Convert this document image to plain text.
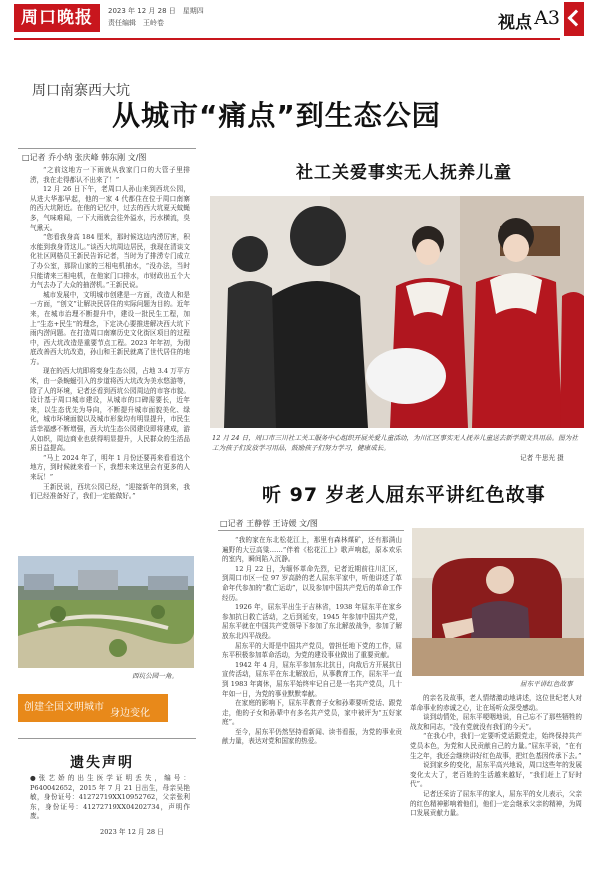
周口晚报	2023 年 12 月 28 日　星期四
责任编辑　王岭卷	视点 A3
周口南寨西大坑
从城市“痛点”到生态公园
□记者 乔小纳 张庆峰 韩东刚 文/图

“之前这地方一下雨就从我家门口的大管子里排涝，我在走得都认不出来了！”

12 月 26 日下午，老周口人孙山来到西坑公园，从进大华那早起，他的一家 4 代都住在位于周口南寨的西大坑附近。在他的记忆中，过去的西大坑夏天蚊蝇多，气味难闻，一下大雨就会往外溢水，污水横流，臭气熏天。

“您看我身高 184 厘米，那时候这边内涝厉害，积水能到我身背这儿。”谈西大坑周边居民，我现在清谈文化社区网格员王新民告诉记者，当时为了排涝专门成立了办公室，那阶山家的三相电机抽水，“没办法，当时只能请来三相电机，在他家门口排水，市财政出五个大力气去办了大众的抽涝机。”王新民说。

城市发展中，文明城市创建是一方面，改造人和是一方面，“创文”让解决民居住的实际问题为目的。近年来，在城市治理不断提升中，建设一批民生工程，加上“生态+民生”的理念，下定决心要推进解决西大坑下雨内涝问题。在打造周口南寨历史文化街区项目的过程中，西大坑改造是重要节点工程。2023 年年初，为彻底改善西大坑改造，孙山和王新民就离了世代居住的地方。

现在的西大坑即将变身生态公园，占地 3.4 万平方米，由一条蜿蜒引入的步道将西大坑改为美水悠游等，除了人的环境，记者还看到西坑公园周边的市容市貌。设计基于周口城市建设，从城市的口碑需要长，近年来，以生态优先为导向，不断提升城市面貌美化、绿化，城市环境面貌以及城市形象均有明显提升，市民生活幸福感不断增强，西大坑生态公园建设即将建成，游人如织，周边商业也获得明显提升，人民群众的生活品质日益提高。

“马上 2024 年了，明年 1 月份还要再来看看这个地方，到时候就来看一下，我想未来这里会有更多的人来玩！”

王新民说，西坑公园已经，“迎接新年的到来，我们已经准备好了，我们一定能做好。”

西坑公园一角。
创建全国文明城市
身边变化
遗失声明
●张艺娇的出生医学证明丢失，编号：P640042652，2015 年 7 月 21 日出生，母亲吴艳敏，身份证号：41272719XX10952762，父亲张利东，身份证号：41272719XX04202734，声明作废。
2023 年 12 月 28 日
社工关爱事实无人抚养儿童
12 月 24 日，周口市三川社工关工服务中心组织开展关爱儿童活动，为川汇区事实无人抚养儿童送去新学期文具用品。图为社工为孩子们发放学习用品，鼓励孩子们努力学习，健康成长。
记者 牛思光 摄
听 97 岁老人屈东平讲红色故事
□记者 王静蓉 王诗媛 文/图

“我的家在东北松花江上，那里有森林煤矿，还有那满山遍野的大豆高粱……”伴着《松花江上》歌声响起，原本欢乐的室内，瞬间陷入沉静。

12 月 22 日，为缅怀革命先烈，记者近期前往川汇区，到周口市区一位 97 岁高龄的老人屈东平家中，听他讲述了革命年代参加的“救亡运动”，以及参加中国共产党后的革命工作经历。

1926 年，屈东平出生于吉林省，1938 年屈东平在家乡参加抗日救亡活动，之后到延安，1945 年参加中国共产党，屈东平就在中国共产党领导下参加了东北解放战争，参加了解放东北四平战役。

屈东平的大哥是中国共产党员，曾担任地下党的工作，屈东平积极参加革命活动，为党的建设事业做出了重要贡献。

1942 年 4 月，屈东平参加东北抗日，向敌后方开展抗日宣传活动，屈东平在东北解放后，从事教育工作，屈东平一直到 1983 年离休，屈东平始终牢记自己是一名共产党员，几十年如一日，为党的事业默默奉献。

在家庭的影响下，屈东平教育子女和孙辈要听党话、跟党走，他的子女和孙辈中有多名共产党员，家中被评为“五好家庭”。

至今，屈东平仍然坚持看新闻、读书看报，为党的事业贡献力量，表达对党和国家的热爱。

屈东平讲红色故事

的亲名及故事，老人情绪激动地讲述，这位世纪老人对革命事业的赤诚之心，让在场听众深受感动。

谈到动情处，屈东平哽咽地说，自己忘不了那些牺牲的战友和同志，“没有党就没有我们的今天”。

“在我心中，我们一定要听党话跟党走，始终保持共产党员本色，为党和人民贡献自己的力量。”屈东平说，“在有生之年，我还会继续讲好红色故事，把红色基因传承下去。”

说到家乡的变化，屈东平高兴地说，周口这些年的发展变化太大了，老百姓的生活越来越好，“我们赶上了好时代”。

记者还采访了屈东平的家人，屈东平的女儿表示，父亲的红色精神影响着他们，他们一定会继承父亲的精神，为周口发展贡献力量。
